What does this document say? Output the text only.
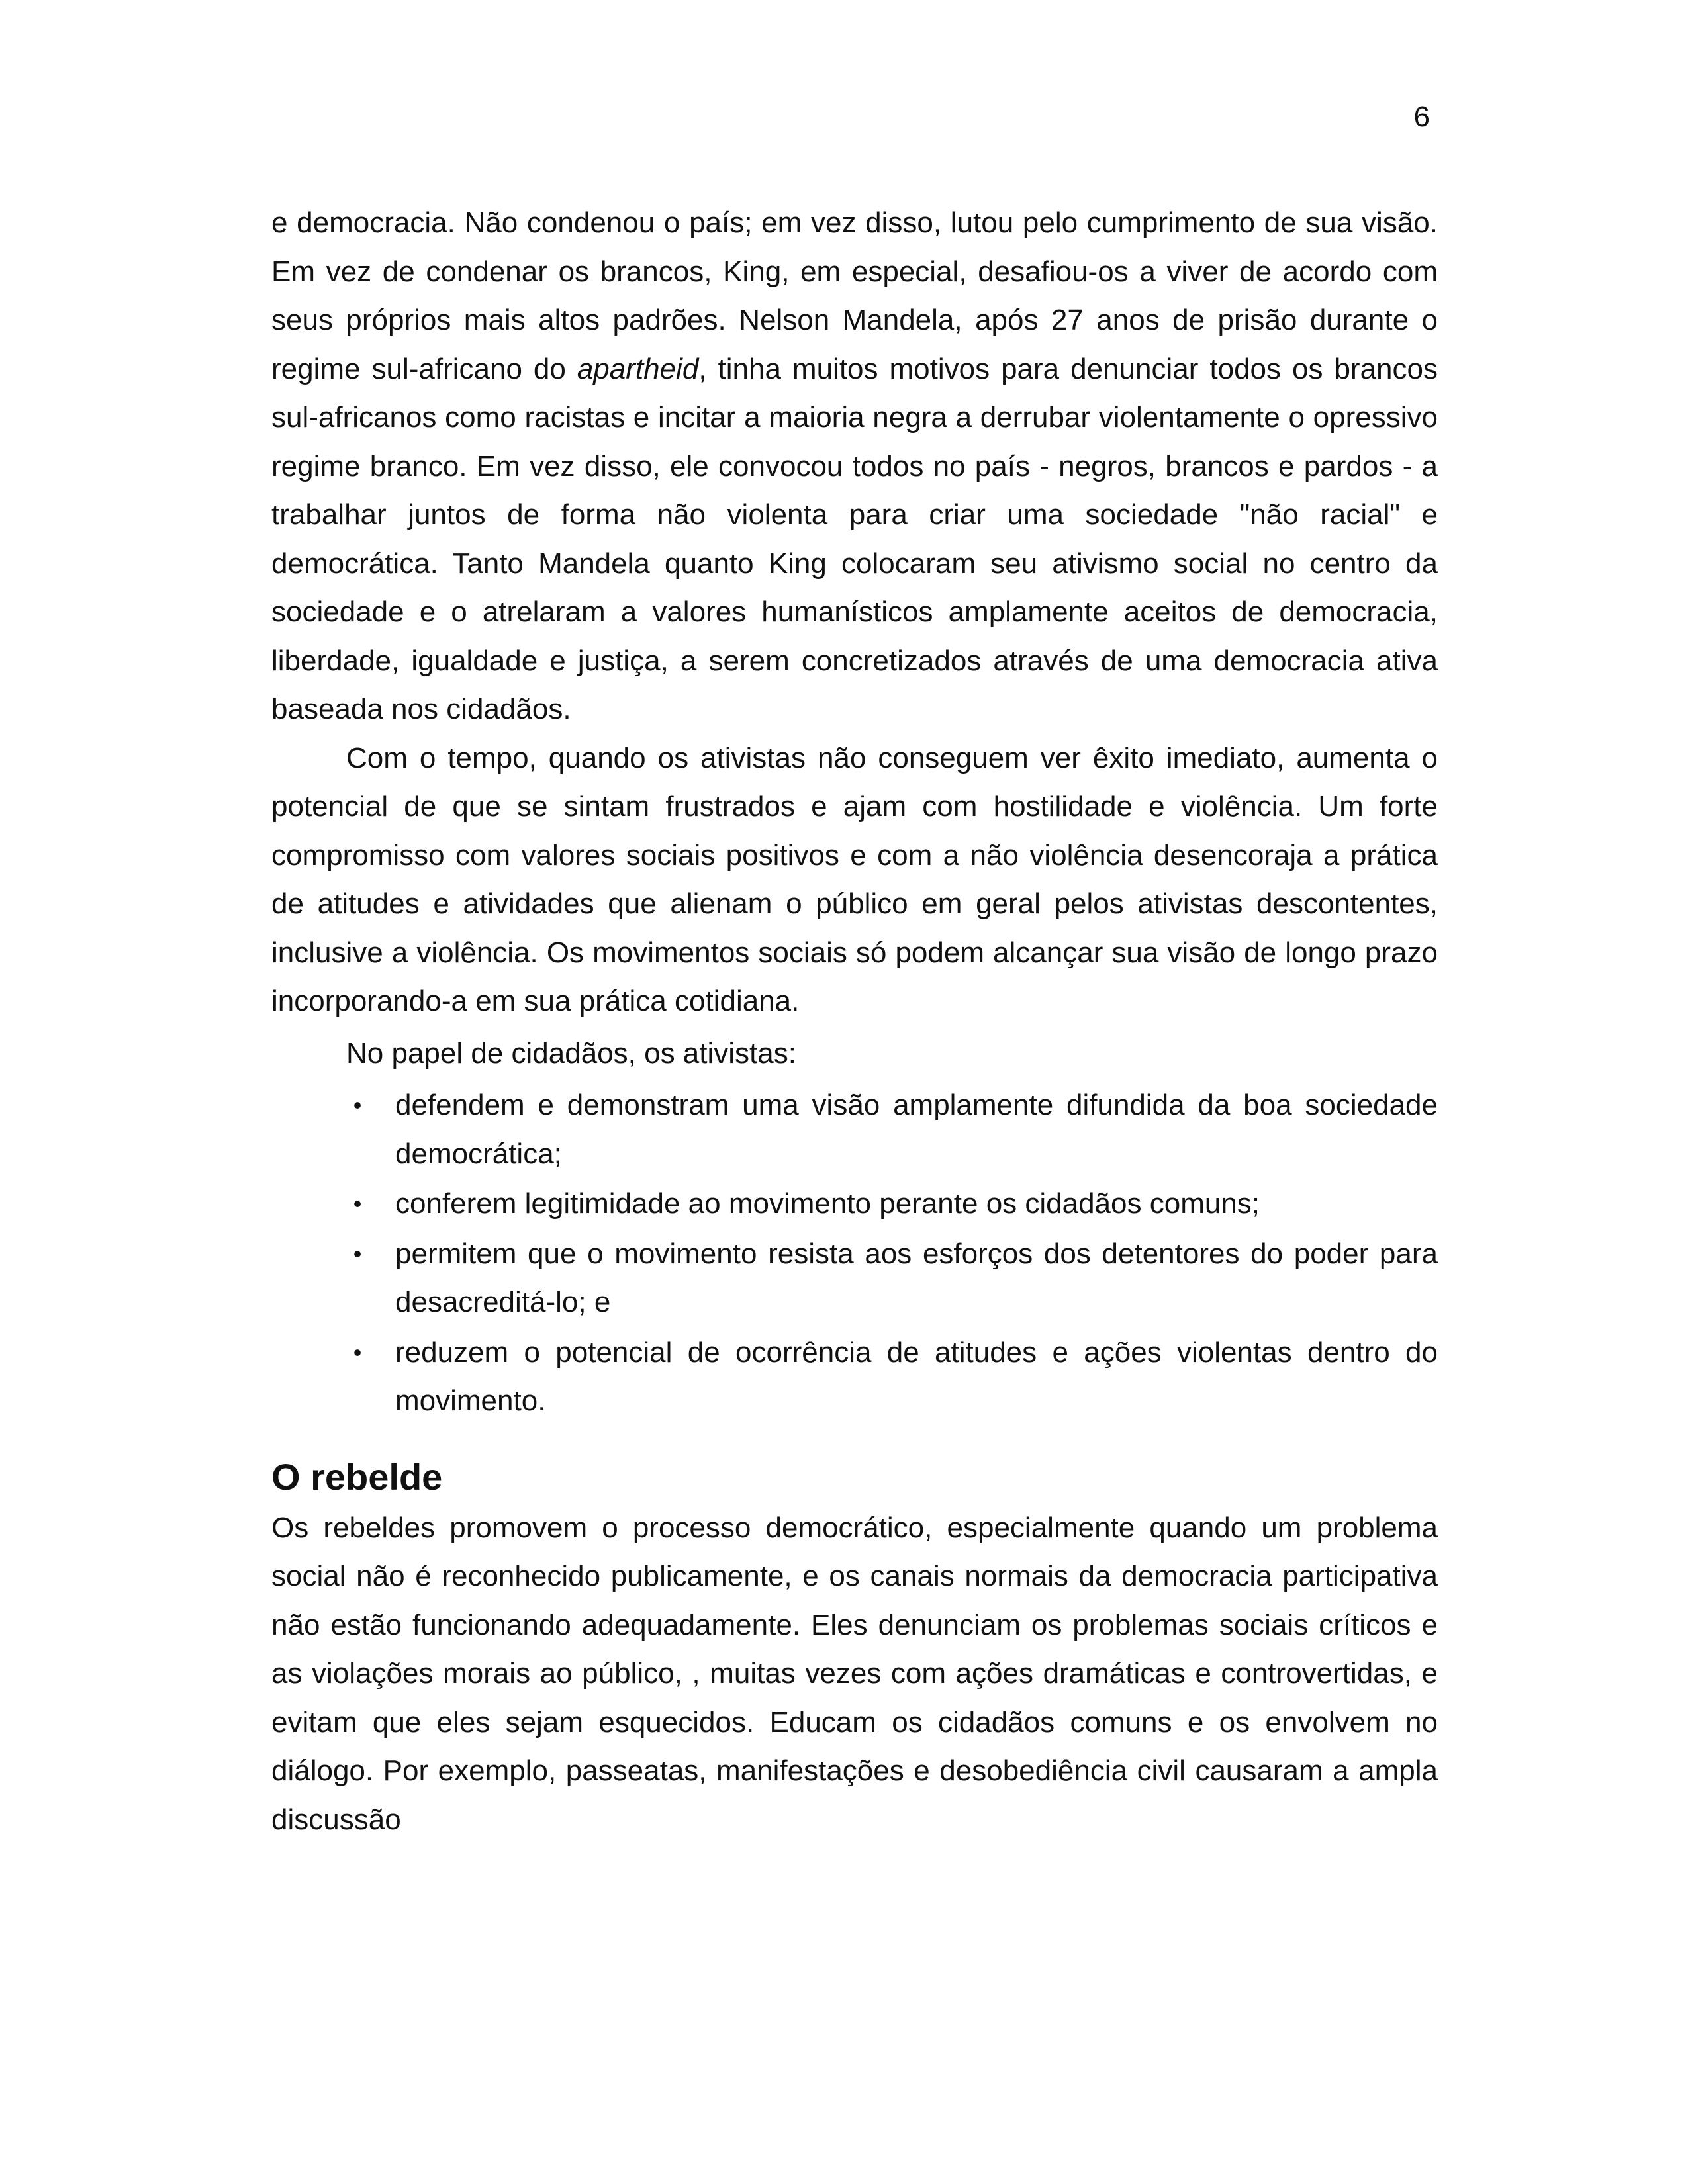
6

e democracia. Não condenou o país; em vez disso, lutou pelo cumprimento de sua visão. Em vez de condenar os brancos, King, em especial, desafiou-os a viver de acordo com seus próprios mais altos padrões. Nelson Mandela, após 27 anos de prisão durante o regime sul-africano do apartheid, tinha muitos motivos para denunciar todos os brancos sul-africanos como racistas e incitar a maioria negra a derrubar violentamente o opressivo regime branco. Em vez disso, ele convocou todos no país - negros, brancos e pardos - a trabalhar juntos de forma não violenta para criar uma sociedade "não racial" e democrática. Tanto Mandela quanto King colocaram seu ativismo social no centro da sociedade e o atrelaram a valores humanísticos amplamente aceitos de democracia, liberdade, igualdade e justiça, a serem concretizados através de uma democracia ativa baseada nos cidadãos.

Com o tempo, quando os ativistas não conseguem ver êxito imediato, aumenta o potencial de que se sintam frustrados e ajam com hostilidade e violência. Um forte compromisso com valores sociais positivos e com a não violência desencoraja a prática de atitudes e atividades que alienam o público em geral pelos ativistas descontentes, inclusive a violência. Os movimentos sociais só podem alcançar sua visão de longo prazo incorporando-a em sua prática cotidiana.

No papel de cidadãos, os ativistas:

•	defendem e demonstram uma visão amplamente difundida da boa sociedade democrática;
•	conferem legitimidade ao movimento perante os cidadãos comuns;
•	permitem que o movimento resista aos esforços dos detentores do poder para desacreditá-lo; e
•	reduzem o potencial de ocorrência de atitudes e ações violentas dentro do movimento.
O rebelde

Os rebeldes promovem o processo democrático, especialmente quando um problema social não é reconhecido publicamente, e os canais normais da democracia participativa não estão funcionando adequadamente. Eles denunciam os problemas sociais críticos e as violações morais ao público, , muitas vezes com ações dramáticas e controvertidas, e evitam que eles sejam esquecidos. Educam os cidadãos comuns e os envolvem no diálogo. Por exemplo, passeatas, manifestações e desobediência civil causaram a ampla discussão
